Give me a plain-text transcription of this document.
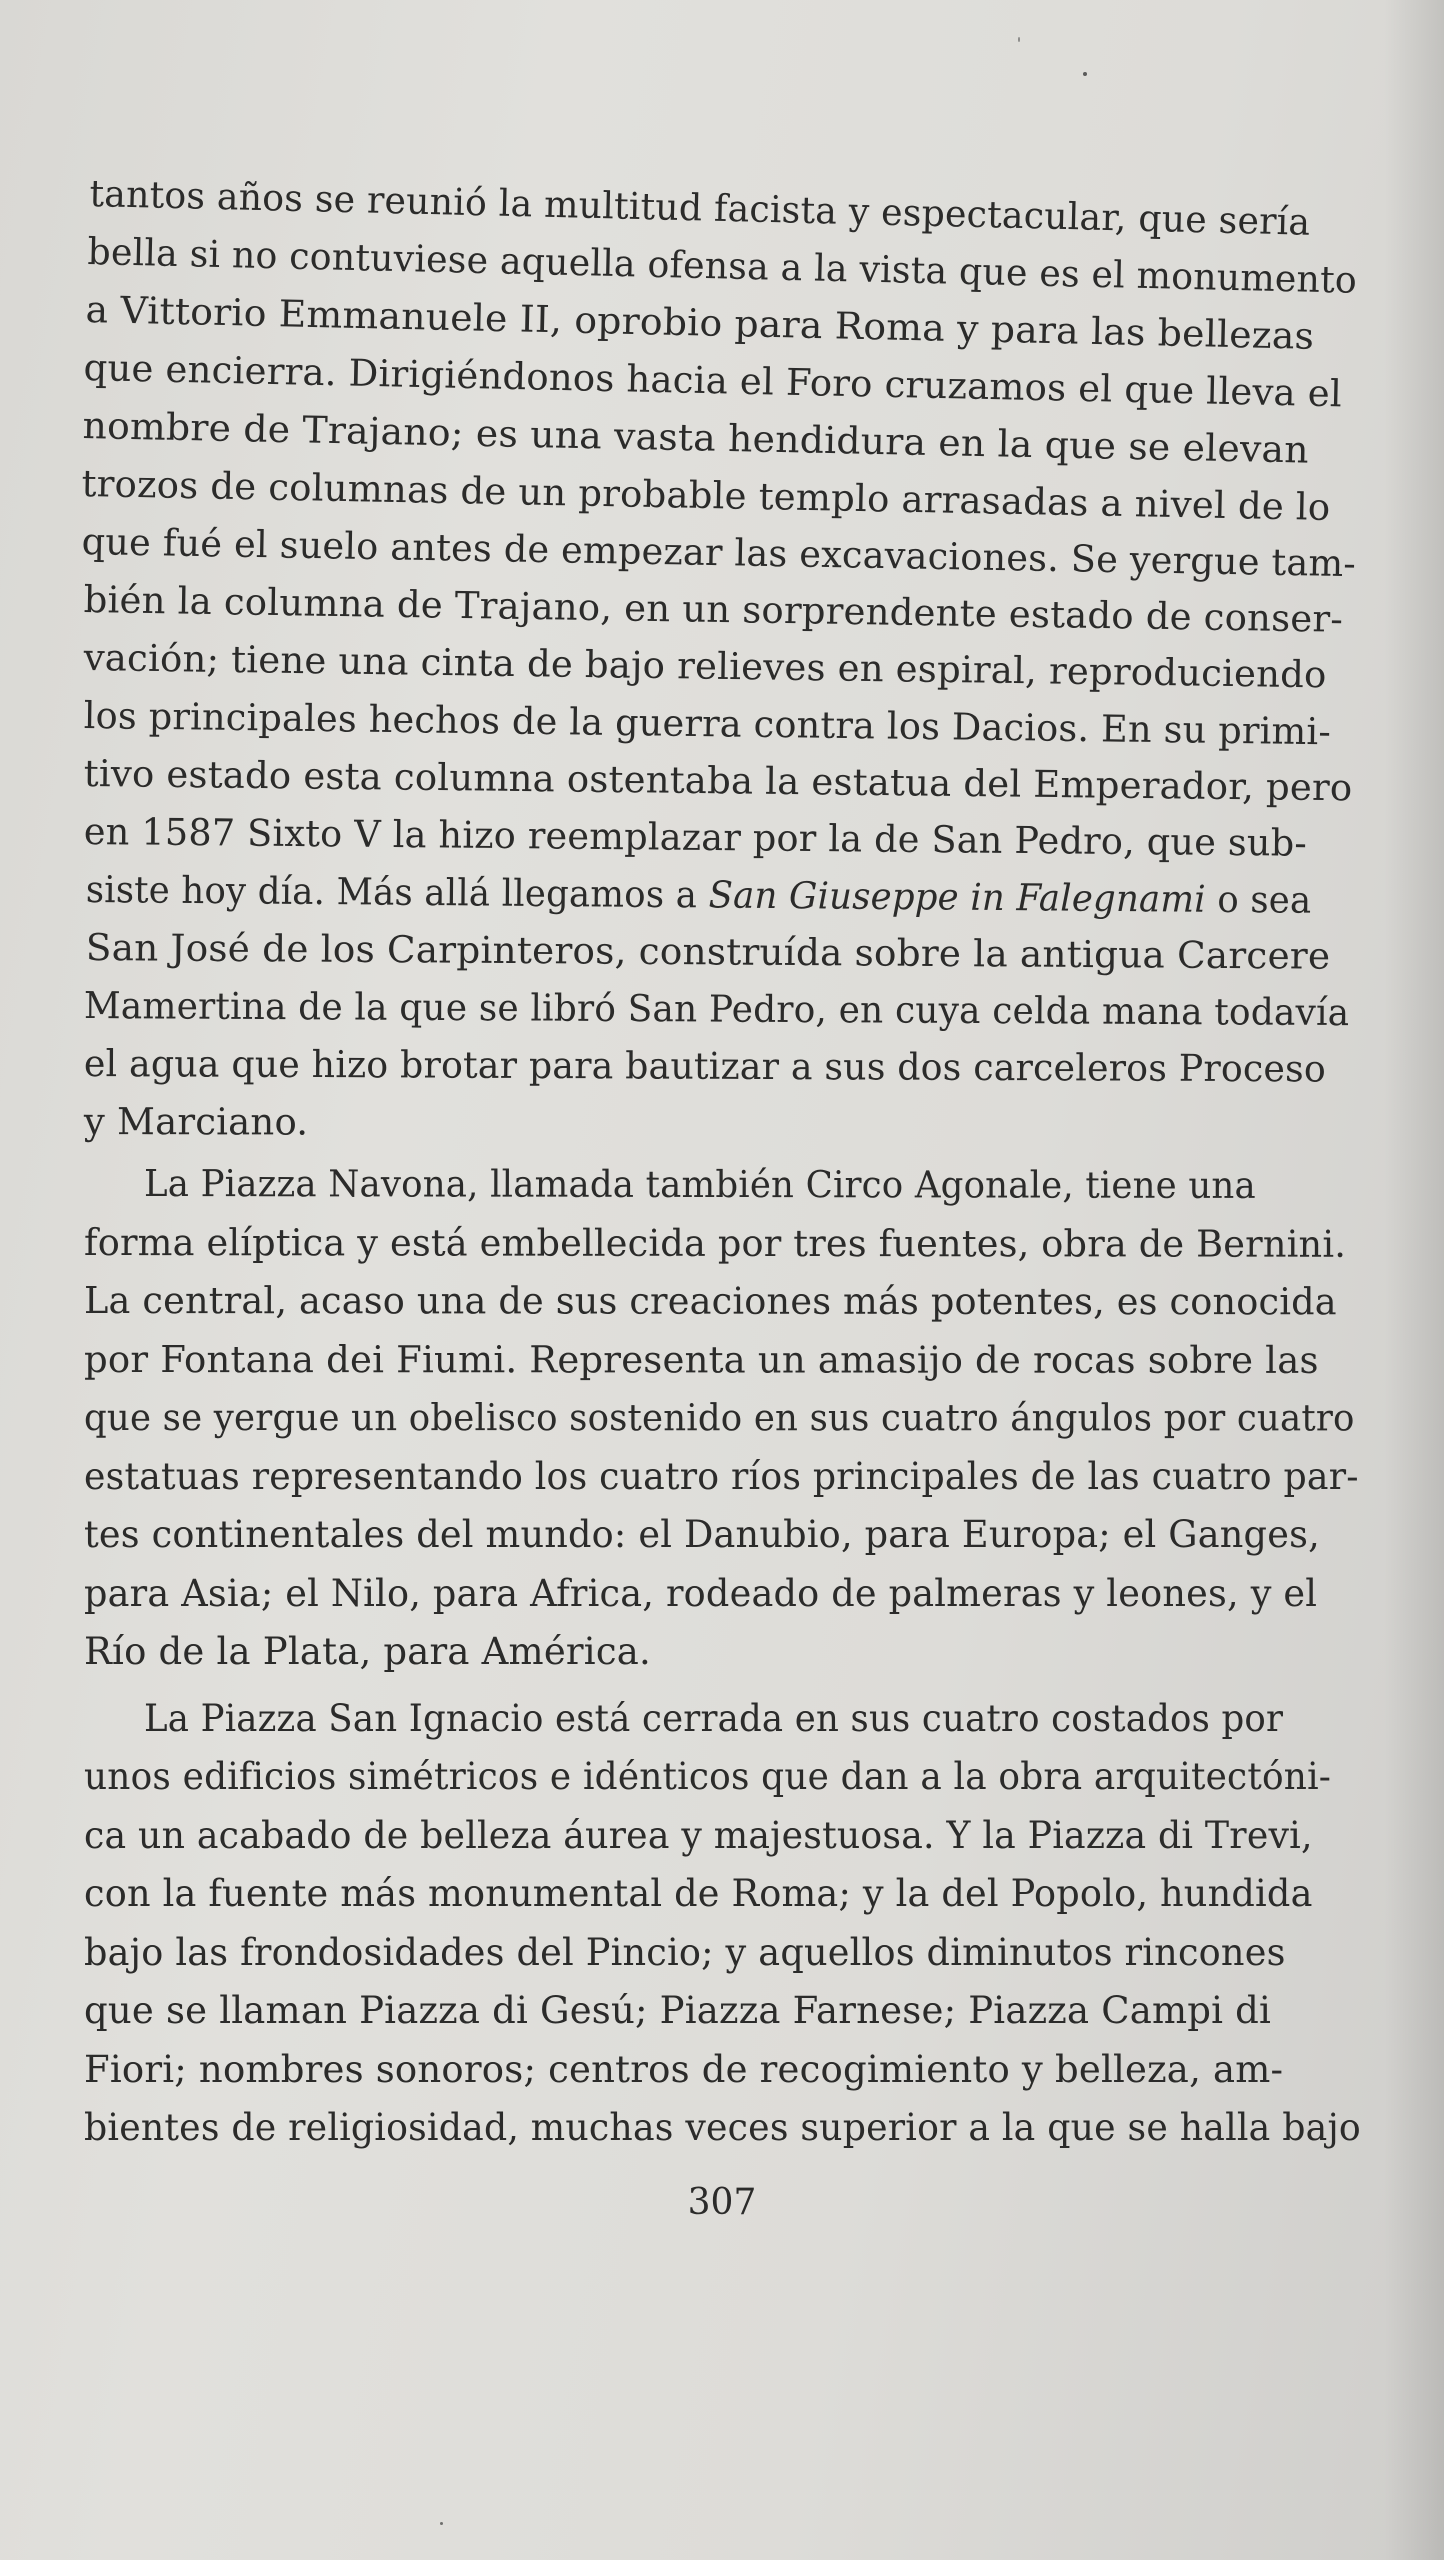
tantos años se reunió la multitud facista y espectacular, que sería
bella si no contuviese aquella ofensa a la vista que es el monumento
a Vittorio Emmanuele II, oprobio para Roma y para las bellezas
que encierra. Dirigiéndonos hacia el Foro cruzamos el que lleva el
nombre de Trajano; es una vasta hendidura en la que se elevan
trozos de columnas de un probable templo arrasadas a nivel de lo
que fué el suelo antes de empezar las excavaciones. Se yergue tam-
bién la columna de Trajano, en un sorprendente estado de conser-
vación; tiene una cinta de bajo relieves en espiral, reproduciendo
los principales hechos de la guerra contra los Dacios. En su primi-
tivo estado esta columna ostentaba la estatua del Emperador, pero
en 1587 Sixto V la hizo reemplazar por la de San Pedro, que sub-
siste hoy día. Más allá llegamos a San Giuseppe in Falegnami o sea
San José de los Carpinteros, construída sobre la antigua Carcere
Mamertina de la que se libró San Pedro, en cuya celda mana todavía
el agua que hizo brotar para bautizar a sus dos carceleros Proceso
y Marciano.
La Piazza Navona, llamada también Circo Agonale, tiene una
forma elíptica y está embellecida por tres fuentes, obra de Bernini.
La central, acaso una de sus creaciones más potentes, es conocida
por Fontana dei Fiumi. Representa un amasijo de rocas sobre las
que se yergue un obelisco sostenido en sus cuatro ángulos por cuatro
estatuas representando los cuatro ríos principales de las cuatro par-
tes continentales del mundo: el Danubio, para Europa; el Ganges,
para Asia; el Nilo, para Africa, rodeado de palmeras y leones, y el
Río de la Plata, para América.
La Piazza San Ignacio está cerrada en sus cuatro costados por
unos edificios simétricos e idénticos que dan a la obra arquitectóni-
ca un acabado de belleza áurea y majestuosa. Y la Piazza di Trevi,
con la fuente más monumental de Roma; y la del Popolo, hundida
bajo las frondosidades del Pincio; y aquellos diminutos rincones
que se llaman Piazza di Gesú; Piazza Farnese; Piazza Campi di
Fiori; nombres sonoros; centros de recogimiento y belleza, am-
bientes de religiosidad, muchas veces superior a la que se halla bajo
307
